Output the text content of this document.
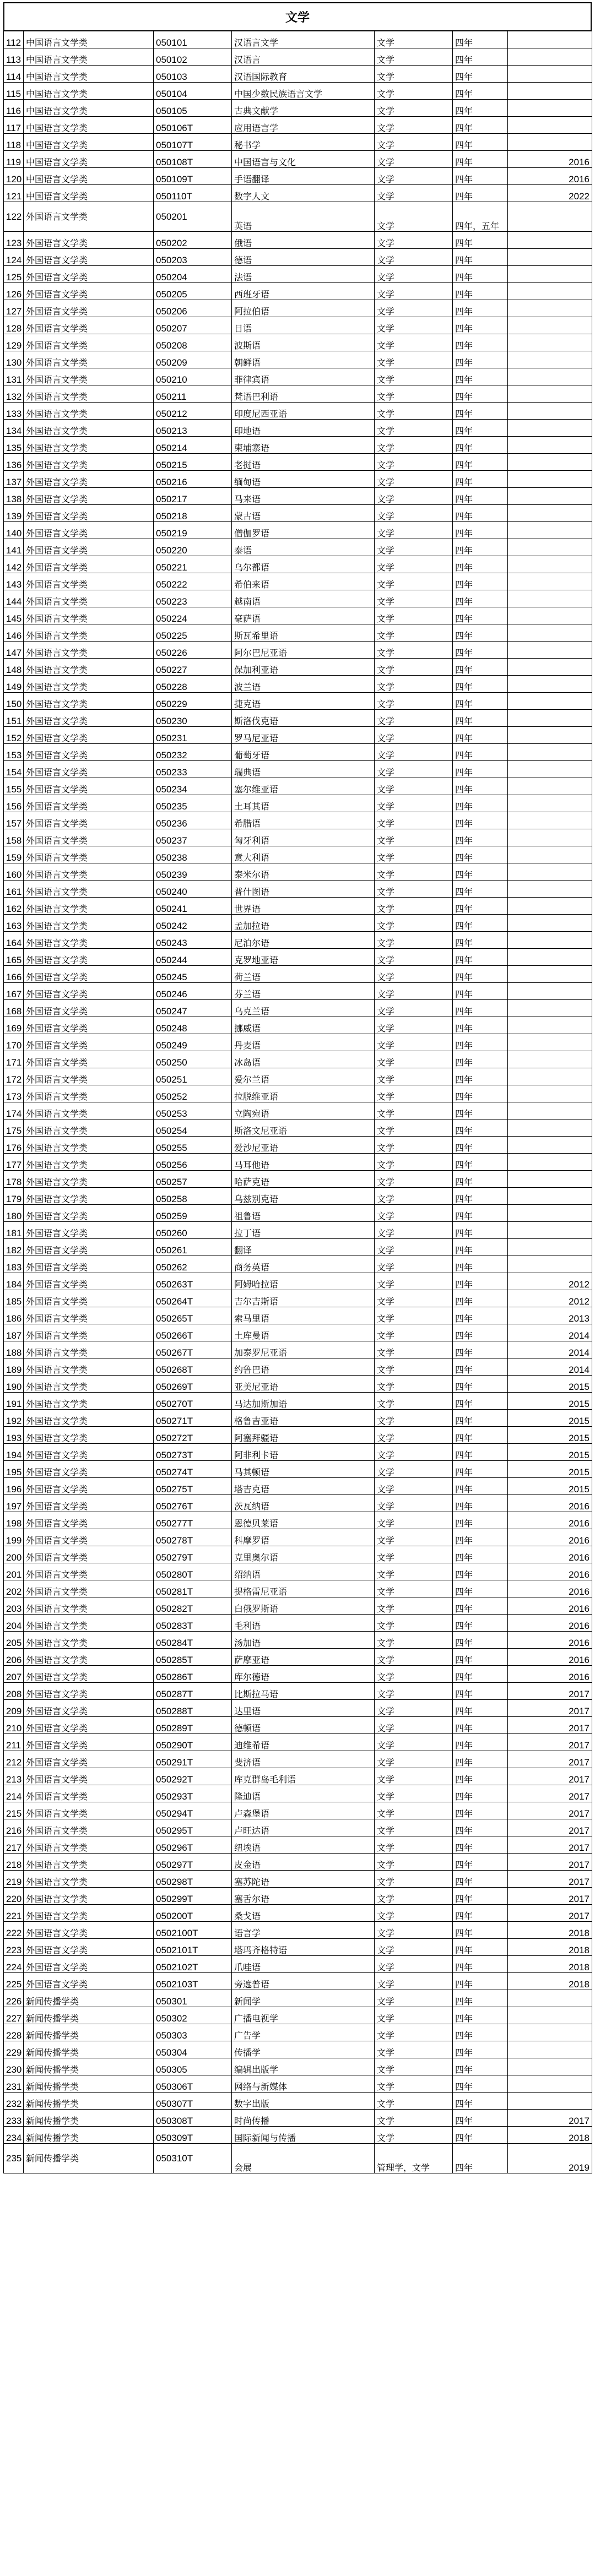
文学
112	中国语言文学类	050101	汉语言文学	文学	四年	
113	中国语言文学类	050102	汉语言	文学	四年	
114	中国语言文学类	050103	汉语国际教育	文学	四年	
115	中国语言文学类	050104	中国少数民族语言文学	文学	四年	
116	中国语言文学类	050105	古典文献学	文学	四年	
117	中国语言文学类	050106T	应用语言学	文学	四年	
118	中国语言文学类	050107T	秘书学	文学	四年	
119	中国语言文学类	050108T	中国语言与文化	文学	四年	2016
120	中国语言文学类	050109T	手语翻译	文学	四年	2016
121	中国语言文学类	050110T	数字人文	文学	四年	2022
122	外国语言文学类	050201	英语	文学	四年，五年	
123	外国语言文学类	050202	俄语	文学	四年	
124	外国语言文学类	050203	德语	文学	四年	
125	外国语言文学类	050204	法语	文学	四年	
126	外国语言文学类	050205	西班牙语	文学	四年	
127	外国语言文学类	050206	阿拉伯语	文学	四年	
128	外国语言文学类	050207	日语	文学	四年	
129	外国语言文学类	050208	波斯语	文学	四年	
130	外国语言文学类	050209	朝鲜语	文学	四年	
131	外国语言文学类	050210	菲律宾语	文学	四年	
132	外国语言文学类	050211	梵语巴利语	文学	四年	
133	外国语言文学类	050212	印度尼西亚语	文学	四年	
134	外国语言文学类	050213	印地语	文学	四年	
135	外国语言文学类	050214	柬埔寨语	文学	四年	
136	外国语言文学类	050215	老挝语	文学	四年	
137	外国语言文学类	050216	缅甸语	文学	四年	
138	外国语言文学类	050217	马来语	文学	四年	
139	外国语言文学类	050218	蒙古语	文学	四年	
140	外国语言文学类	050219	僧伽罗语	文学	四年	
141	外国语言文学类	050220	泰语	文学	四年	
142	外国语言文学类	050221	乌尔都语	文学	四年	
143	外国语言文学类	050222	希伯来语	文学	四年	
144	外国语言文学类	050223	越南语	文学	四年	
145	外国语言文学类	050224	豪萨语	文学	四年	
146	外国语言文学类	050225	斯瓦希里语	文学	四年	
147	外国语言文学类	050226	阿尔巴尼亚语	文学	四年	
148	外国语言文学类	050227	保加利亚语	文学	四年	
149	外国语言文学类	050228	波兰语	文学	四年	
150	外国语言文学类	050229	捷克语	文学	四年	
151	外国语言文学类	050230	斯洛伐克语	文学	四年	
152	外国语言文学类	050231	罗马尼亚语	文学	四年	
153	外国语言文学类	050232	葡萄牙语	文学	四年	
154	外国语言文学类	050233	瑞典语	文学	四年	
155	外国语言文学类	050234	塞尔维亚语	文学	四年	
156	外国语言文学类	050235	土耳其语	文学	四年	
157	外国语言文学类	050236	希腊语	文学	四年	
158	外国语言文学类	050237	匈牙利语	文学	四年	
159	外国语言文学类	050238	意大利语	文学	四年	
160	外国语言文学类	050239	泰米尔语	文学	四年	
161	外国语言文学类	050240	普什图语	文学	四年	
162	外国语言文学类	050241	世界语	文学	四年	
163	外国语言文学类	050242	孟加拉语	文学	四年	
164	外国语言文学类	050243	尼泊尔语	文学	四年	
165	外国语言文学类	050244	克罗地亚语	文学	四年	
166	外国语言文学类	050245	荷兰语	文学	四年	
167	外国语言文学类	050246	芬兰语	文学	四年	
168	外国语言文学类	050247	乌克兰语	文学	四年	
169	外国语言文学类	050248	挪威语	文学	四年	
170	外国语言文学类	050249	丹麦语	文学	四年	
171	外国语言文学类	050250	冰岛语	文学	四年	
172	外国语言文学类	050251	爱尔兰语	文学	四年	
173	外国语言文学类	050252	拉脱维亚语	文学	四年	
174	外国语言文学类	050253	立陶宛语	文学	四年	
175	外国语言文学类	050254	斯洛文尼亚语	文学	四年	
176	外国语言文学类	050255	爱沙尼亚语	文学	四年	
177	外国语言文学类	050256	马耳他语	文学	四年	
178	外国语言文学类	050257	哈萨克语	文学	四年	
179	外国语言文学类	050258	乌兹别克语	文学	四年	
180	外国语言文学类	050259	祖鲁语	文学	四年	
181	外国语言文学类	050260	拉丁语	文学	四年	
182	外国语言文学类	050261	翻译	文学	四年	
183	外国语言文学类	050262	商务英语	文学	四年	
184	外国语言文学类	050263T	阿姆哈拉语	文学	四年	2012
185	外国语言文学类	050264T	吉尔吉斯语	文学	四年	2012
186	外国语言文学类	050265T	索马里语	文学	四年	2013
187	外国语言文学类	050266T	土库曼语	文学	四年	2014
188	外国语言文学类	050267T	加泰罗尼亚语	文学	四年	2014
189	外国语言文学类	050268T	约鲁巴语	文学	四年	2014
190	外国语言文学类	050269T	亚美尼亚语	文学	四年	2015
191	外国语言文学类	050270T	马达加斯加语	文学	四年	2015
192	外国语言文学类	050271T	格鲁吉亚语	文学	四年	2015
193	外国语言文学类	050272T	阿塞拜疆语	文学	四年	2015
194	外国语言文学类	050273T	阿非利卡语	文学	四年	2015
195	外国语言文学类	050274T	马其顿语	文学	四年	2015
196	外国语言文学类	050275T	塔吉克语	文学	四年	2015
197	外国语言文学类	050276T	茨瓦纳语	文学	四年	2016
198	外国语言文学类	050277T	恩德贝莱语	文学	四年	2016
199	外国语言文学类	050278T	科摩罗语	文学	四年	2016
200	外国语言文学类	050279T	克里奥尔语	文学	四年	2016
201	外国语言文学类	050280T	绍纳语	文学	四年	2016
202	外国语言文学类	050281T	提格雷尼亚语	文学	四年	2016
203	外国语言文学类	050282T	白俄罗斯语	文学	四年	2016
204	外国语言文学类	050283T	毛利语	文学	四年	2016
205	外国语言文学类	050284T	汤加语	文学	四年	2016
206	外国语言文学类	050285T	萨摩亚语	文学	四年	2016
207	外国语言文学类	050286T	库尔德语	文学	四年	2016
208	外国语言文学类	050287T	比斯拉马语	文学	四年	2017
209	外国语言文学类	050288T	达里语	文学	四年	2017
210	外国语言文学类	050289T	德顿语	文学	四年	2017
211	外国语言文学类	050290T	迪维希语	文学	四年	2017
212	外国语言文学类	050291T	斐济语	文学	四年	2017
213	外国语言文学类	050292T	库克群岛毛利语	文学	四年	2017
214	外国语言文学类	050293T	隆迪语	文学	四年	2017
215	外国语言文学类	050294T	卢森堡语	文学	四年	2017
216	外国语言文学类	050295T	卢旺达语	文学	四年	2017
217	外国语言文学类	050296T	纽埃语	文学	四年	2017
218	外国语言文学类	050297T	皮金语	文学	四年	2017
219	外国语言文学类	050298T	塞苏陀语	文学	四年	2017
220	外国语言文学类	050299T	塞舌尔语	文学	四年	2017
221	外国语言文学类	050200T	桑戈语	文学	四年	2017
222	外国语言文学类	0502100T	语言学	文学	四年	2018
223	外国语言文学类	0502101T	塔玛齐格特语	文学	四年	2018
224	外国语言文学类	0502102T	爪哇语	文学	四年	2018
225	外国语言文学类	0502103T	旁遮普语	文学	四年	2018
226	新闻传播学类	050301	新闻学	文学	四年	
227	新闻传播学类	050302	广播电视学	文学	四年	
228	新闻传播学类	050303	广告学	文学	四年	
229	新闻传播学类	050304	传播学	文学	四年	
230	新闻传播学类	050305	编辑出版学	文学	四年	
231	新闻传播学类	050306T	网络与新媒体	文学	四年	
232	新闻传播学类	050307T	数字出版	文学	四年	
233	新闻传播学类	050308T	时尚传播	文学	四年	2017
234	新闻传播学类	050309T	国际新闻与传播	文学	四年	2018
235	新闻传播学类	050310T	会展	管理学，文学	四年	2019
